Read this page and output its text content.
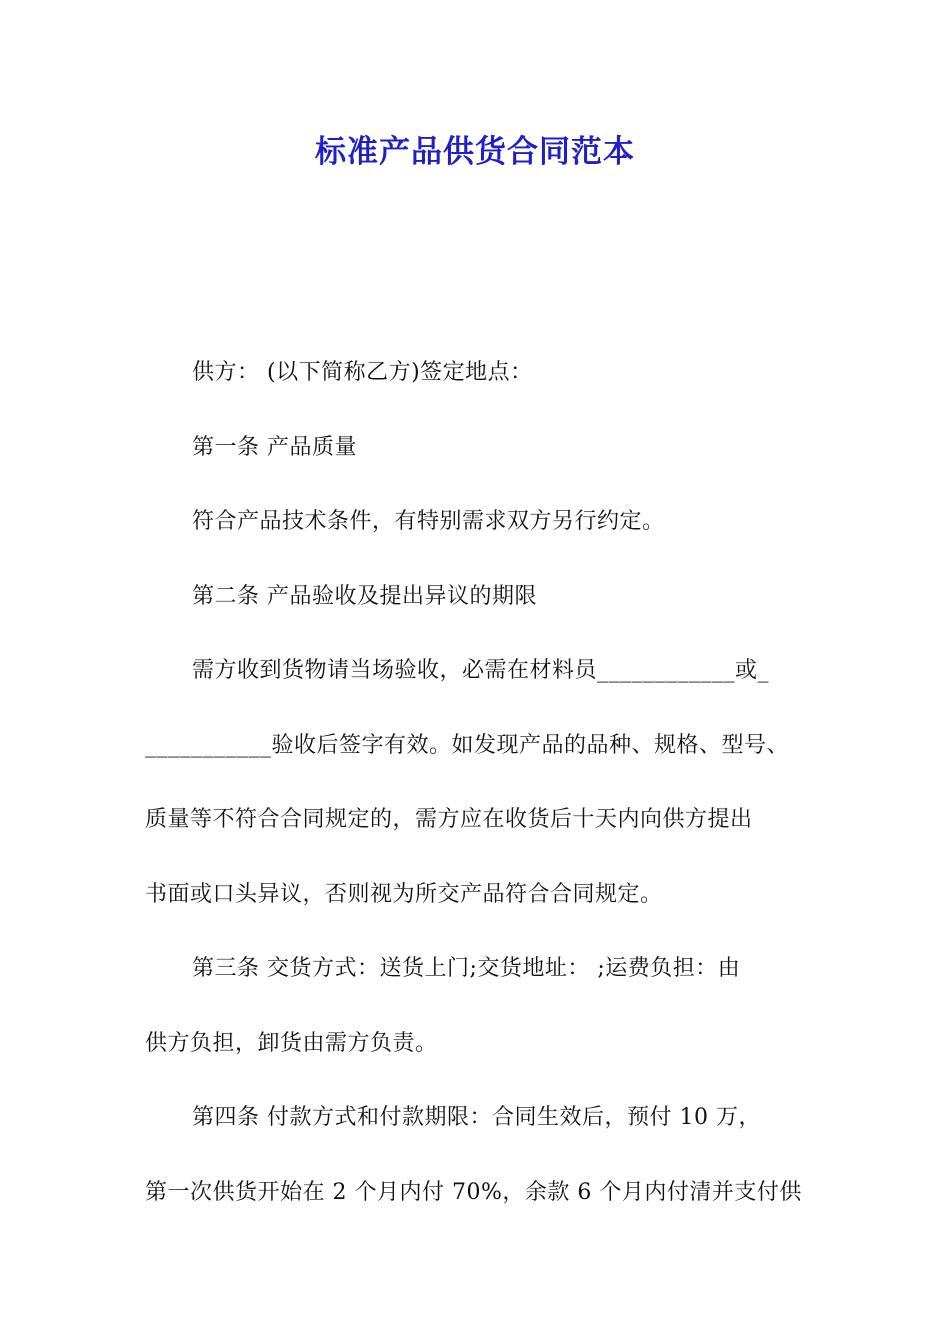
标准产品供货合同范本

供方： (以下简称乙方)签定地点：

第一条 产品质量

符合产品技术条件，有特别需求双方另行约定。

第二条 产品验收及提出异议的期限

需方收到货物请当场验收，必需在材料员____________或_

___________验收后签字有效。如发现产品的品种、规格、型号、

质量等不符合合同规定的，需方应在收货后十天内向供方提出

书面或口头异议，否则视为所交产品符合合同规定。

第三条 交货方式：送货上门;交货地址： ;运费负担：由

供方负担，卸货由需方负责。

第四条 付款方式和付款期限：合同生效后，预付 10 万，

第一次供货开始在 2 个月内付 70%，余款 6 个月内付清并支付供
